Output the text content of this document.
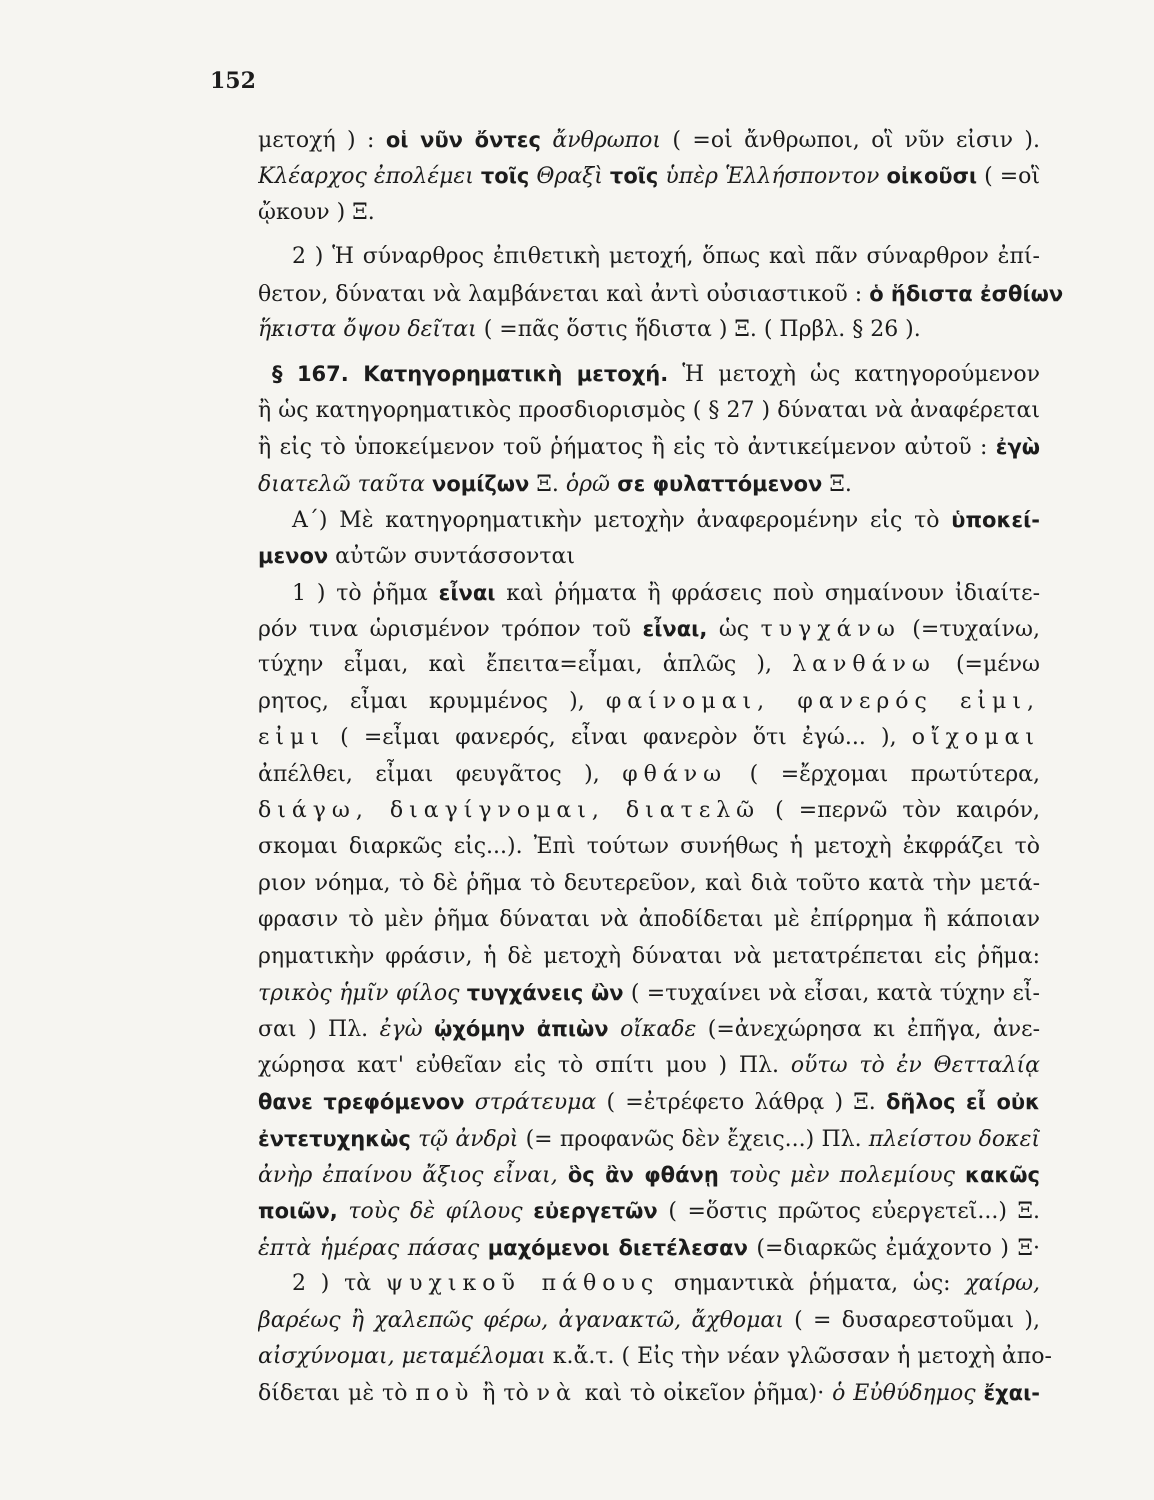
152
μετοχή ) : οἱ νῦν ὄντες ἄνθρωποι ( =οἱ ἄνθρωποι, οἳ νῦν εἰσιν ).
Κλέαρχος ἐπολέμει τοῖς Θραξὶ τοῖς ὑπὲρ Ἑλλήσποντον οἰκοῦσι ( =οἳ
ᾤκουν ) Ξ.
2 ) Ἡ σύναρθρος ἐπιθετικὴ μετοχή, ὅπως καὶ πᾶν σύναρθρον ἐπί-
θετον, δύναται νὰ λαμβάνεται καὶ ἀντὶ οὐσιαστικοῦ : ὁ ἥδιστα ἐσθίων
ἥκιστα ὄψου δεῖται ( =πᾶς ὅστις ἥδιστα ) Ξ. ( Πρβλ. § 26 ).
§ 167. Κατηγορηματικὴ μετοχή. Ἡ μετοχὴ ὡς κατηγορούμενον
ἢ ὡς κατηγορηματικὸς προσδιορισμὸς ( § 27 ) δύναται νὰ ἀναφέρεται
ἢ εἰς τὸ ὑποκείμενον τοῦ ῥήματος ἢ εἰς τὸ ἀντικείμενον αὐτοῦ : ἐγὼ
διατελῶ ταῦτα νομίζων Ξ. ὁρῶ σε φυλαττόμενον Ξ.
Α΄) Μὲ κατηγορηματικὴν μετοχὴν ἀναφερομένην εἰς τὸ ὑποκεί-
μενον αὐτῶν συντάσσονται
1 ) τὸ ῥῆμα εἶναι καὶ ῥήματα ἢ φράσεις ποὺ σημαίνουν ἰδιαίτε-
ρόν τινα ὡρισμένον τρόπον τοῦ εἶναι, ὡς τυγχάνω (=τυχαίνω,
τύχην εἶμαι, καὶ ἔπειτα=εἶμαι, ἁπλῶς ), λανθάνω (=μένω
ρητος, εἶμαι κρυμμένος ), φαίνομαι, φανερός εἰμι,
εἰμι ( =εἶμαι φανερός, εἶναι φανερὸν ὅτι ἐγώ... ), οἴχομαι
ἀπέλθει, εἶμαι φευγᾶτος ), φθάνω ( =ἔρχομαι πρωτύτερα,
διάγω, διαγίγνομαι, διατελῶ ( =περνῶ τὸν καιρόν,
σκομαι διαρκῶς εἰς...). Ἐπὶ τούτων συνήθως ἡ μετοχὴ ἐκφράζει τὸ
ριον νόημα, τὸ δὲ ῥῆμα τὸ δευτερεῦον, καὶ διὰ τοῦτο κατὰ τὴν μετά-
φρασιν τὸ μὲν ῥῆμα δύναται νὰ ἀποδίδεται μὲ ἐπίρρημα ἢ κάποιαν
ρηματικὴν φράσιν, ἡ δὲ μετοχὴ δύναται νὰ μετατρέπεται εἰς ῥῆμα:
τρικὸς ἡμῖν φίλος τυγχάνεις ὢν ( =τυχαίνει νὰ εἶσαι, κατὰ τύχην εἶ-
σαι ) Πλ. ἐγὼ ᾠχόμην ἀπιὼν οἴκαδε (=ἀνεχώρησα κι ἐπῆγα, ἀνε-
χώρησα κατ' εὐθεῖαν εἰς τὸ σπίτι μου ) Πλ. οὕτω τὸ ἐν Θετταλίᾳ
θανε τρεφόμενον στράτευμα ( =ἐτρέφετο λάθρᾳ ) Ξ. δῆλος εἶ οὐκ
ἐντετυχηκὼς τῷ ἀνδρὶ (= προφανῶς δὲν ἔχεις...) Πλ. πλείστου δοκεῖ
ἀνὴρ ἐπαίνου ἄξιος εἶναι, ὃς ἂν φθάνῃ τοὺς μὲν πολεμίους κακῶς
ποιῶν, τοὺς δὲ φίλους εὐεργετῶν ( =ὅστις πρῶτος εὐεργετεῖ...) Ξ.
ἑπτὰ ἡμέρας πάσας μαχόμενοι διετέλεσαν (=διαρκῶς ἐμάχοντο ) Ξ·
2 ) τὰ ψυχικοῦ πάθους σημαντικὰ ῥήματα, ὡς: χαίρω,
βαρέως ἢ χαλεπῶς φέρω, ἀγανακτῶ, ἄχθομαι ( = δυσαρεστοῦμαι ),
αἰσχύνομαι, μεταμέλομαι κ.ἄ.τ. ( Εἰς τὴν νέαν γλῶσσαν ἡ μετοχὴ ἀπο-
δίδεται μὲ τὸ ποὺ ἢ τὸ νὰ καὶ τὸ οἰκεῖον ῥῆμα)· ὁ Εὐθύδημος ἔχαι-
